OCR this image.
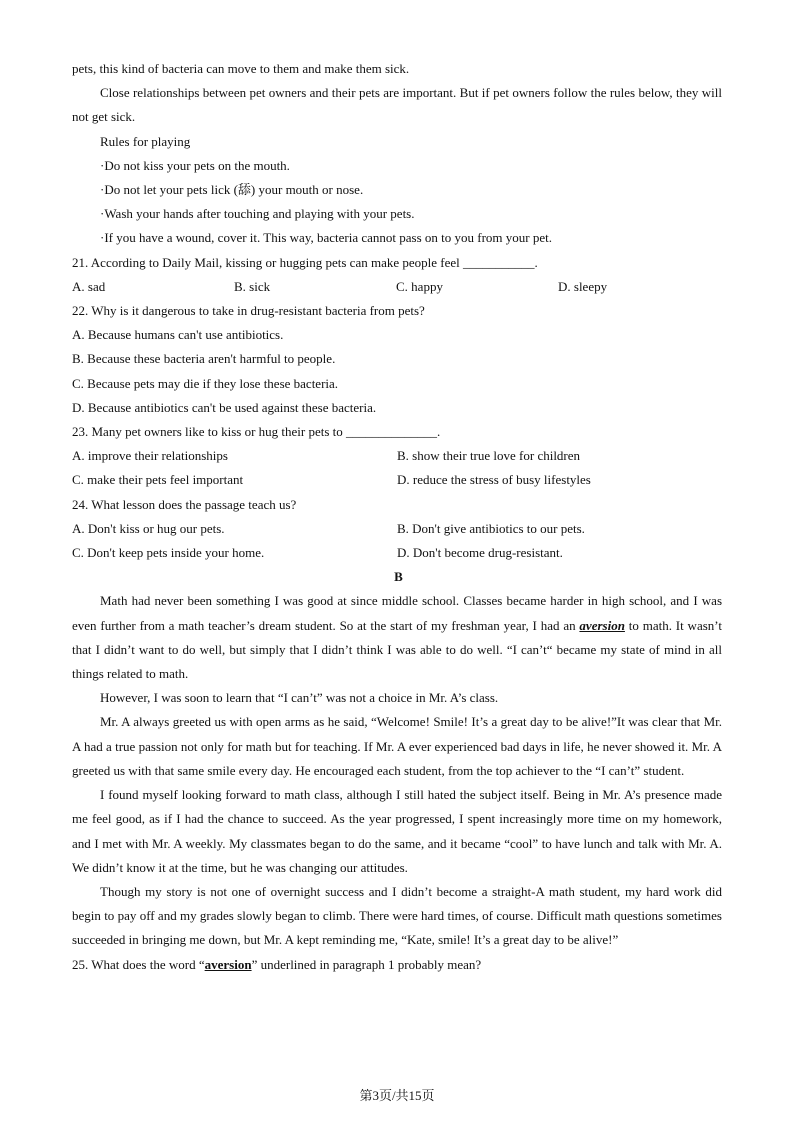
pets, this kind of bacteria can move to them and make them sick.
Close relationships between pet owners and their pets are important. But if pet owners follow the rules below, they will not get sick.
Rules for playing
·Do not kiss your pets on the mouth.
·Do not let your pets lick (舔) your mouth or nose.
·Wash your hands after touching and playing with your pets.
·If you have a wound, cover it. This way, bacteria cannot pass on to you from your pet.
21. According to Daily Mail, kissing or hugging pets can make people feel ___________.
A. sad	B. sick	C. happy	D. sleepy
22. Why is it dangerous to take in drug-resistant bacteria from pets?
A. Because humans can't use antibiotics.
B. Because these bacteria aren't harmful to people.
C. Because pets may die if they lose these bacteria.
D. Because antibiotics can't be used against these bacteria.
23. Many pet owners like to kiss or hug their pets to ______________.
A. improve their relationships	B. show their true love for children
C. make their pets feel important	D. reduce the stress of busy lifestyles
24. What lesson does the passage teach us?
A. Don't kiss or hug our pets.	B. Don't give antibiotics to our pets.
C. Don't keep pets inside your home.	D. Don't become drug-resistant.
B
Math had never been something I was good at since middle school. Classes became harder in high school, and I was even further from a math teacher’s dream student. So at the start of my freshman year, I had an aversion to math. It wasn’t that I didn’t want to do well, but simply that I didn’t think I was able to do well. “I can’t“ became my state of mind in all things related to math.
However, I was soon to learn that “I can’t” was not a choice in Mr. A’s class.
Mr. A always greeted us with open arms as he said, “Welcome! Smile! It’s a great day to be alive!”It was clear that Mr. A had a true passion not only for math but for teaching. If Mr. A ever experienced bad days in life, he never showed it. Mr. A greeted us with that same smile every day. He encouraged each student, from the top achiever to the “I can’t” student.
I found myself looking forward to math class, although I still hated the subject itself. Being in Mr. A’s presence made me feel good, as if I had the chance to succeed. As the year progressed, I spent increasingly more time on my homework, and I met with Mr. A weekly. My classmates began to do the same, and it became “cool” to have lunch and talk with Mr. A. We didn’t know it at the time, but he was changing our attitudes.
Though my story is not one of overnight success and I didn’t become a straight-A math student, my hard work did begin to pay off and my grades slowly began to climb. There were hard times, of course. Difficult math questions sometimes succeeded in bringing me down, but Mr. A kept reminding me, “Kate, smile! It’s a great day to be alive!”
25. What does the word “aversion” underlined in paragraph 1 probably mean?
第3页/共15页
